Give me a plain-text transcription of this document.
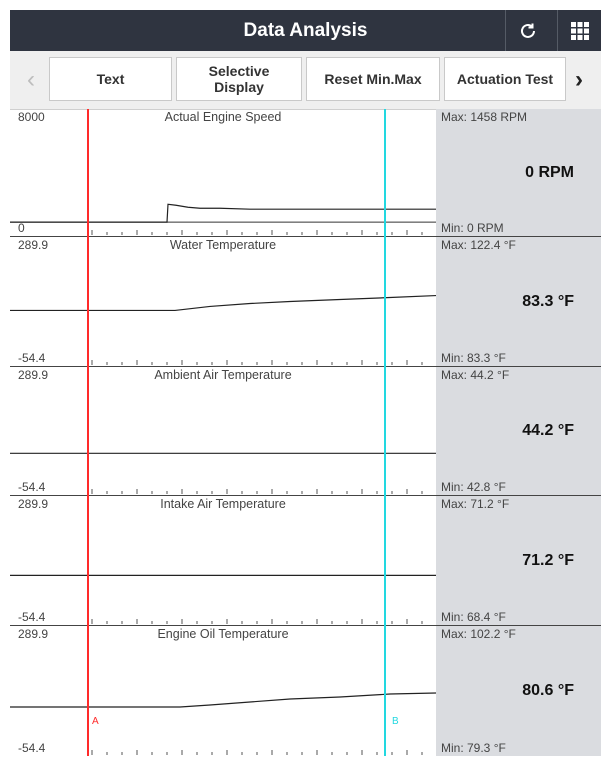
Data Analysis
‹	Text	Selective
Display	Reset Min.Max	Actuation Test ›
8000
0
Actual Engine Speed	Max: 1458 RPM
0 RPM
Min: 0 RPM
289.9
-54.4
Water Temperature	Max: 122.4 °F
83.3 °F
Min: 83.3 °F
289.9
-54.4
Ambient Air Temperature	Max: 44.2 °F
44.2 °F
Min: 42.8 °F
289.9
-54.4
Intake Air Temperature	Max: 71.2 °F
71.2 °F
Min: 68.4 °F
289.9
-54.4
Engine Oil Temperature	Max: 102.2 °F
80.6 °F
Min: 79.3 °F
A	B
